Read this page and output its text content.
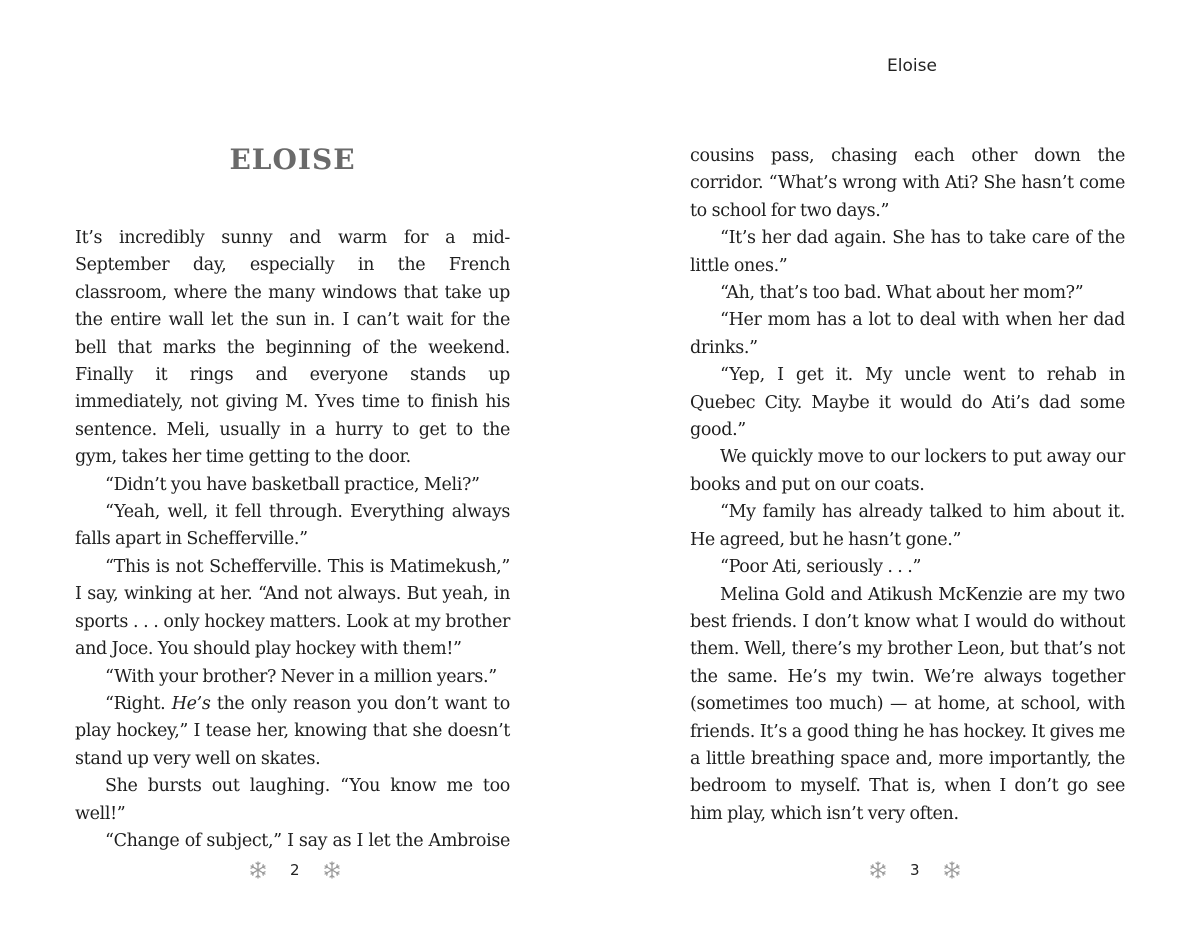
ELOISE

It’s incredibly sunny and warm for a mid-September day, especially in the French classroom, where the many windows that take up the entire wall let the sun in. I can’t wait for the bell that marks the beginning of the weekend. Finally it rings and everyone stands up immediately, not giving M. Yves time to finish his sentence. Meli, usually in a hurry to get to the gym, takes her time getting to the door.

“Didn’t you have basketball practice, Meli?”

“Yeah, well, it fell through. Everything always falls apart in Schefferville.”

“This is not Schefferville. This is Matimekush,” I say, winking at her. “And not always. But yeah, in sports . . . only hockey matters. Look at my brother and Joce. You should play hockey with them!”

“With your brother? Never in a million years.”

“Right. He’s the only reason you don’t want to play hockey,” I tease her, knowing that she doesn’t stand up very well on skates.

She bursts out laughing. “You know me too well!”

“Change of subject,” I say as I let the Ambroise

2
Eloise

cousins pass, chasing each other down the corridor. “What’s wrong with Ati? She hasn’t come to school for two days.”

“It’s her dad again. She has to take care of the little ones.”

“Ah, that’s too bad. What about her mom?”

“Her mom has a lot to deal with when her dad drinks.”

“Yep, I get it. My uncle went to rehab in Quebec City. Maybe it would do Ati’s dad some good.”

We quickly move to our lockers to put away our books and put on our coats.

“My family has already talked to him about it. He agreed, but he hasn’t gone.”

“Poor Ati, seriously . . .”

Melina Gold and Atikush McKenzie are my two best friends. I don’t know what I would do without them. Well, there’s my brother Leon, but that’s not the same. He’s my twin. We’re always together (sometimes too much) — at home, at school, with friends. It’s a good thing he has hockey. It gives me a little breathing space and, more importantly, the bedroom to myself. That is, when I don’t go see him play, which isn’t very often.

3
